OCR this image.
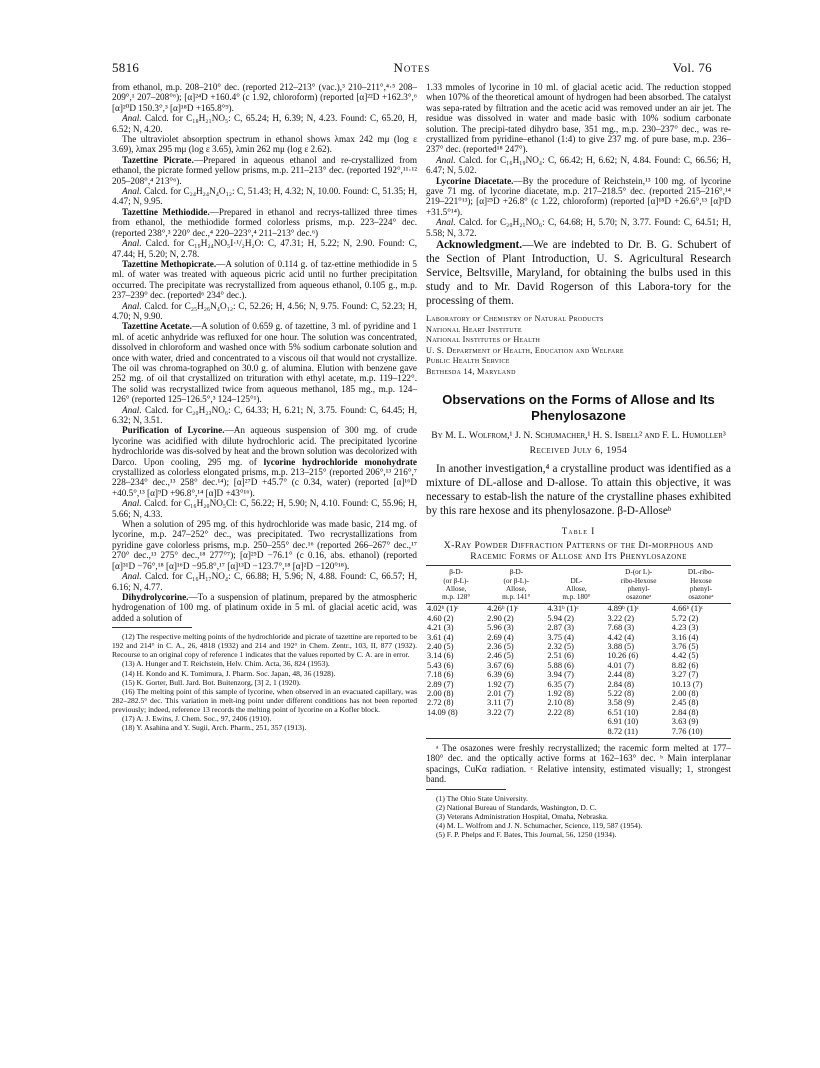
5816	Notes	Vol. 76

from ethanol, m.p. 208–210° dec. (reported 212–213° (vac.),³ 210–211°,⁴·⁵ 208–209°,¹ 207–208°⁶); [α]²⁴D +160.4° (c 1.92, chloroform) (reported [α]²²D +162.3°,⁶ [α]²⁰D 150.3°,³ [α]¹⁸D +165.8°⁹).

Anal. Calcd. for C₁₈H₂₁NO₅: C, 65.24; H, 6.39; N, 4.23. Found: C, 65.20, H, 6.52; N, 4.20.

The ultraviolet absorption spectrum in ethanol shows λmax 242 mμ (log ε 3.69), λmax 295 mμ (log ε 3.65), λmin 262 mμ (log ε 2.62).

Tazettine Picrate.—Prepared in aqueous ethanol and re-crystallized from ethanol, the picrate formed yellow prisms, m.p. 211–213° dec. (reported 192°,¹¹·¹² 205–208°,⁴ 213°⁶).

Anal. Calcd. for C₂₄H₂₄N₄O₁₂: C, 51.43; H, 4.32; N, 10.00. Found: C, 51.35; H, 4.47; N, 9.95.

Tazettine Methiodide.—Prepared in ethanol and recrys-tallized three times from ethanol, the methiodide formed colorless prisms, m.p. 223–224° dec. (reported 238°,³ 220° dec.,⁴ 220–223°,⁴ 211–213° dec.⁶)

Anal. Calcd. for C₁₉H₂₄NO₅I·¹/₂H₂O: C, 47.31; H, 5.22; N, 2.90. Found: C, 47.44; H, 5.20; N, 2.78.

Tazettine Methopicrate.—A solution of 0.114 g. of taz-ettine methiodide in 5 ml. of water was treated with aqueous picric acid until no further precipitation occurred. The precipitate was recrystallized from aqueous ethanol, 0.105 g., m.p. 237–239° dec. (reported⁶ 234° dec.).

Anal. Calcd. for C₂₅H₂₆N₄O₁₂: C, 52.26; H, 4.56; N, 9.75. Found: C, 52.23; H, 4.70; N, 9.90.

Tazettine Acetate.—A solution of 0.659 g. of tazettine, 3 ml. of pyridine and 1 ml. of acetic anhydride was refluxed for one hour. The solution was concentrated, dissolved in chloroform and washed once with 5% sodium carbonate solution and once with water, dried and concentrated to a viscous oil that would not crystallize. The oil was chroma-tographed on 30.0 g. of alumina. Elution with benzene gave 252 mg. of oil that crystallized on trituration with ethyl acetate, m.p. 119–122°. The solid was recrystallized twice from aqueous methanol, 185 mg., m.p. 124–126° (reported 125–126.5°,³ 124–125°¹).

Anal. Calcd. for C₂₀H₂₃NO₆: C, 64.33; H, 6.21; N, 3.75. Found: C, 64.45; H, 6.32; N, 3.51.

Purification of Lycorine.—An aqueous suspension of 300 mg. of crude lycorine was acidified with dilute hydrochloric acid. The precipitated lycorine hydrochloride was dis-solved by heat and the brown solution was decolorized with Darco. Upon cooling, 295 mg. of lycorine hydrochloride monohydrate crystallized as colorless elongated prisms, m.p. 213–215° (reported 206°,¹³ 216°,⁷ 228–234° dec.,¹³ 258° dec.¹⁴); [α]²⁷D +45.7° (c 0.34, water) (reported [α]¹⁶D +40.5°,¹³ [α]⁹D +96.8°,¹⁴ [α]D +43°¹⁶).

Anal. Calcd. for C₁₆H₂₀NO₅Cl: C, 56.22; H, 5.90; N, 4.10. Found: C, 55.96; H, 5.66; N, 4.33.

When a solution of 295 mg. of this hydrochloride was made basic, 214 mg. of lycorine, m.p. 247–252° dec., was precipitated. Two recrystallizations from pyridine gave colorless prisms, m.p. 250–255° dec.¹⁶ (reported 266–267° dec.,¹⁷ 270° dec.,¹³ 275° dec.,¹⁸ 277°⁷); [α]²⁵D −76.1° (c 0.16, abs. ethanol) (reported [α]³¹D −76°,¹⁸ [α]¹⁶D −95.8°,¹⁷ [α]¹³D −123.7°,¹⁸ [α]²D −120°¹⁸).

Anal. Calcd. for C₁₆H₁₇NO₄: C, 66.88; H, 5.96; N, 4.88. Found: C, 66.57; H, 6.16; N, 4.77.

Dihydrolycorine.—To a suspension of platinum, prepared by the atmospheric hydrogenation of 100 mg. of platinum oxide in 5 ml. of glacial acetic acid, was added a solution of

(12) The respective melting points of the hydrochloride and picrate of tazettine are reported to be 192 and 214° in C. A., 26, 4818 (1932) and 214 and 192° in Chem. Zentr., 103, II, 877 (1932). Recourse to an original copy of reference 1 indicates that the values reported by C. A. are in error.

(13) A. Hunger and T. Reichstein, Helv. Chim. Acta, 36, 824 (1953).

(14) H. Kondo and K. Tomimura, J. Pharm. Soc. Japan, 48, 36 (1928).

(15) K. Gorter, Bull. Jard. Bot. Buitenzorg, [3] 2, 1 (1920).

(16) The melting point of this sample of lycorine, when observed in an evacuated capillary, was 282–282.5° dec. This variation in melt-ing point under different conditions has not been reported previously; indeed, reference 13 records the melting point of lycorine on a Kofler block.

(17) A. J. Ewins, J. Chem. Soc., 97, 2406 (1910).

(18) Y. Asahina and Y. Sugii, Arch. Pharm., 251, 357 (1913).

1.33 mmoles of lycorine in 10 ml. of glacial acetic acid. The reduction stopped when 107% of the theoretical amount of hydrogen had been absorbed. The catalyst was sepa-rated by filtration and the acetic acid was removed under an air jet. The residue was dissolved in water and made basic with 10% sodium carbonate solution. The precipi-tated dihydro base, 351 mg., m.p. 230–237° dec., was re-crystallized from pyridine–ethanol (1:4) to give 237 mg. of pure base, m.p. 236–237° dec. (reported¹⁸ 247°).

Anal. Calcd. for C₁₆H₁₉NO₄: C, 66.42; H, 6.62; N, 4.84. Found: C, 66.56; H, 6.47; N, 5.02.

Lycorine Diacetate.—By the procedure of Reichstein,¹³ 100 mg. of lycorine gave 71 mg. of lycorine diacetate, m.p. 217–218.5° dec. (reported 215–216°,¹⁴ 219–221°¹³); [α]²⁵D +26.8° (c 1.22, chloroform) (reported [α]¹⁸D +26.6°,¹³ [α]⁹D +31.5°¹⁴).

Anal. Calcd. for C₂₀H₂₁NO₆: C, 64.68; H, 5.70; N, 3.77. Found: C, 64.51; H, 5.58; N, 3.72.

Acknowledgment.—We are indebted to Dr. B. G. Schubert of the Section of Plant Introduction, U. S. Agricultural Research Service, Beltsville, Maryland, for obtaining the bulbs used in this study and to Mr. David Rogerson of this Labora-tory for the processing of them.

Laboratory of Chemistry of Natural Products
National Heart Institute
National Institutes of Health
U. S. Department of Health, Education and Welfare
Public Health Service
Bethesda 14, Maryland
Observations on the Forms of Allose and Its Phenylosazone
By M. L. Wolfrom,¹ J. N. Schumacher,¹ H. S. Isbell² and F. L. Humoller³
Received July 6, 1954

In another investigation,⁴ a crystalline product was identified as a mixture of DL-allose and D-allose. To attain this objective, it was necessary to estab-lish the nature of the crystalline phases exhibited by this rare hexose and its phenylosazone. β-D-Alloseᵇ

Table I
X-Ray Powder Diffraction Patterns of the Di-morphous and Racemic Forms of Allose and Its Phenylosazone
β-D-
(or β-L)-
Allose,
m.p. 128°	β-D-
(or β-L)-
Allose,
m.p. 141°	DL-
Allose,
m.p. 180°	D-(or L)-
ribo-Hexose
phenyl-
osazoneᵃ	DL-ribo-
Hexose
phenyl-
osazoneᵃ
4.02ᵇ (1)ᶜ	4.26ᵇ (1)ᶜ	4.31ᵇ (1)ᶜ	4.89ᵇ (1)ᶜ	4.66ᵇ (1)ᶜ
4.60 (2)	2.90 (2)	5.94 (2)	3.22 (2)	5.72 (2)
4.21 (3)	5.96 (3)	2.87 (3)	7.68 (3)	4.23 (3)
3.61 (4)	2.69 (4)	3.75 (4)	4.42 (4)	3.16 (4)
2.40 (5)	2.36 (5)	2.32 (5)	3.88 (5)	3.76 (5)
3.14 (6)	2.46 (5)	2.51 (6)	10.26 (6)	4.42 (5)
5.43 (6)	3.67 (6)	5.88 (6)	4.01 (7)	8.82 (6)
7.18 (6)	6.39 (6)	3.94 (7)	2.44 (8)	3.27 (7)
2.89 (7)	1.92 (7)	6.35 (7)	2.84 (8)	10.13 (7)
2.00 (8)	2.01 (7)	1.92 (8)	5.22 (8)	2.00 (8)
2.72 (8)	3.11 (7)	2.10 (8)	3.58 (9)	2.45 (8)
14.09 (8)	3.22 (7)	2.22 (8)	6.51 (10)	2.84 (8)
			6.91 (10)	3.63 (9)
			8.72 (11)	7.76 (10)

ᵃ The osazones were freshly recrystallized; the racemic form melted at 177–180° dec. and the optically active forms at 162–163° dec. ᵇ Main interplanar spacings, CuKα radiation. ᶜ Relative intensity, estimated visually; 1, strongest band.

(1) The Ohio State University.

(2) National Bureau of Standards, Washington, D. C.

(3) Veterans Administration Hospital, Omaha, Nebraska.

(4) M. L. Wolfrom and J. N. Schumacher, Science, 119, 587 (1954).

(5) F. P. Phelps and F. Bates, This Journal, 56, 1250 (1934).
